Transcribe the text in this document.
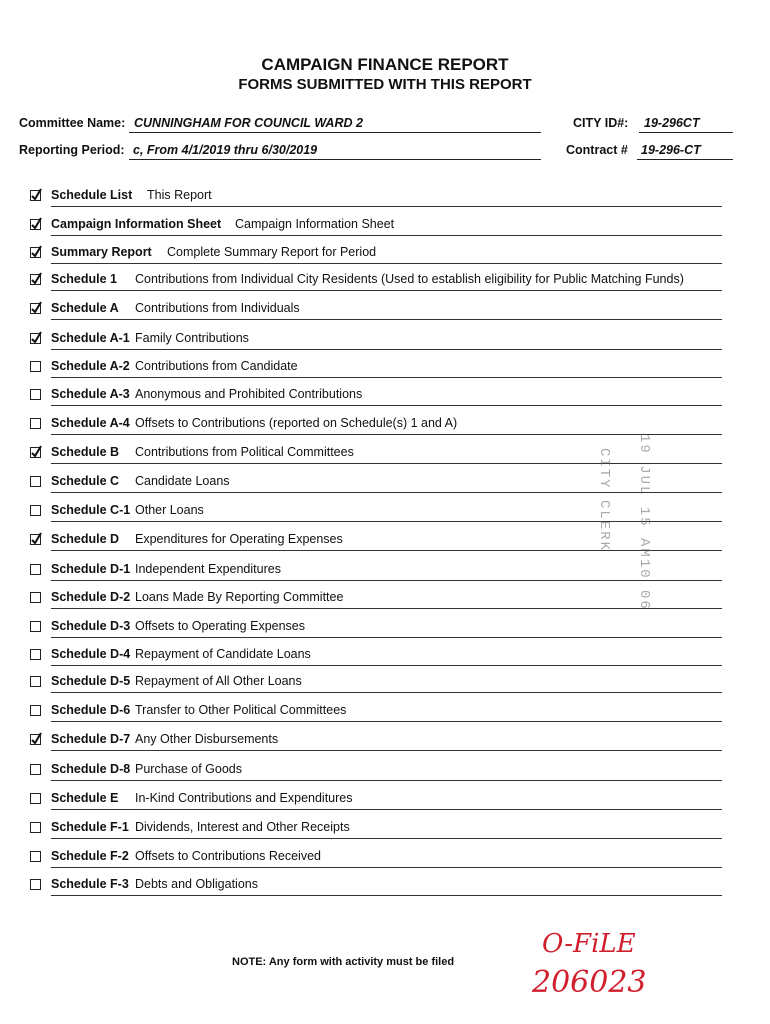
CAMPAIGN FINANCE REPORT
FORMS SUBMITTED WITH THIS REPORT
Committee Name: CUNNINGHAM FOR COUNCIL WARD 2	CITY ID#: 19-296CT
Reporting Period: c, From 4/1/2019 thru 6/30/2019	Contract # 19-296-CT
Schedule List This Report
Campaign Information Sheet Campaign Information Sheet
Summary Report Complete Summary Report for Period
Schedule 1 Contributions from Individual City Residents (Used to establish eligibility for Public Matching Funds)
Schedule A Contributions from Individuals
Schedule A-1 Family Contributions
Schedule A-2 Contributions from Candidate
Schedule A-3 Anonymous and Prohibited Contributions
Schedule A-4 Offsets to Contributions (reported on Schedule(s) 1 and A)
Schedule B Contributions from Political Committees
Schedule C Candidate Loans
Schedule C-1 Other Loans
Schedule D Expenditures for Operating Expenses
Schedule D-1 Independent Expenditures
Schedule D-2 Loans Made By Reporting Committee
Schedule D-3 Offsets to Operating Expenses
Schedule D-4 Repayment of Candidate Loans
Schedule D-5 Repayment of All Other Loans
Schedule D-6 Transfer to Other Political Committees
Schedule D-7 Any Other Disbursements
Schedule D-8 Purchase of Goods
Schedule E In-Kind Contributions and Expenditures
Schedule F-1 Dividends, Interest and Other Receipts
Schedule F-2 Offsets to Contributions Received
Schedule F-3 Debts and Obligations
19 JUL 15 AM10 06
CITY CLERK
NOTE: Any form with activity must be filed
O-FiLE
206023
